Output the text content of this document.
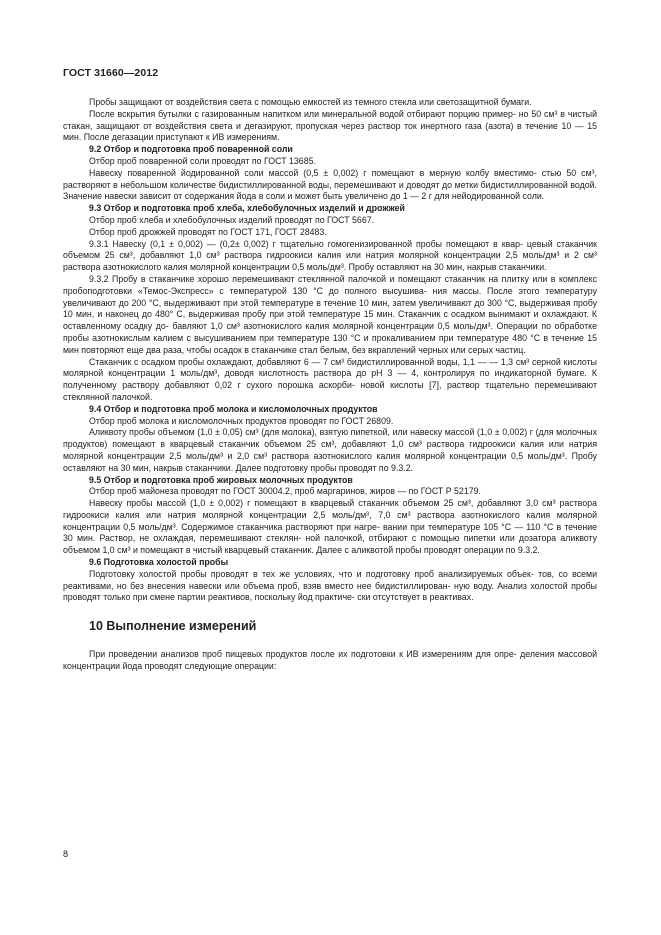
ГОСТ 31660—2012

Пробы защищают от воздействия света с помощью емкостей из темного стекла или светозащитной бумаги.

После вскрытия бутылки с газированным напитком или минеральной водой отбирают порцию пример- но 50 см³ в чистый стакан, защищают от воздействия света и дегазируют, пропуская через раствор ток инертного газа (азота) в течение 10 — 15 мин. После дегазации приступают к ИВ измерениям.

9.2 Отбор и подготовка проб поваренной соли

Отбор проб поваренной соли проводят по ГОСТ 13685.

Навеску поваренной йодированной соли массой (0,5 ± 0,002) г помещают в мерную колбу вместимо- стью 50 см³, растворяют в небольшом количестве бидистиллированной воды, перемешивают и доводят до метки бидистиллированной водой. Значение навески зависит от содержания йода в соли и может быть увеличено до 1 — 2 г для нейодированной соли.

9.3 Отбор и подготовка проб хлеба, хлебобулочных изделий и дрожжей

Отбор проб хлеба и хлебобулочных изделий проводят по ГОСТ 5667.

Отбор проб дрожжей проводят по ГОСТ 171, ГОСТ 28483.

9.3.1 Навеску (0,1 ± 0,002) — (0,2± 0,002) г тщательно гомогенизированной пробы помещают в квар- цевый стаканчик объемом 25 см³, добавляют 1,0 см³ раствора гидроокиси калия или натрия молярной концентрации 2,5 моль/дм³ и 2 см³ раствора азотнокислого калия молярной концентрации 0,5 моль/дм³. Пробу оставляют на 30 мин, накрыв стаканчики.

9.3.2 Пробу в стаканчике хорошо перемешивают стеклянной палочкой и помещают стаканчик на плитку или в комплекс пробоподготовки «Темос-Экспресс» с температурой 130 °С до полного высушива- ния массы. После этого температуру увеличивают до 200 °С, выдерживают при этой температуре в течение 10 мин, затем увеличивают до 300 °С, выдерживая пробу 10 мин, и наконец до 480° С, выдерживая пробу при этой температуре 15 мин. Стаканчик с осадком вынимают и охлаждают. К оставленному осадку до- бавляют 1,0 см³ азотнокислого калия молярной концентрации 0,5 моль/дм³. Операции по обработке пробы азотнокислым калием с высушиванием при температуре 130 °С и прокаливанием при температуре 480 °С в течение 15 мин повторяют еще два раза, чтобы осадок в стаканчике стал белым, без вкраплений черных или серых частиц.

Стаканчик с осадком пробы охлаждают, добавляют 6 — 7 см³ бидистиллированной воды, 1,1 — — 1,3 см³ серной кислоты молярной концентрации 1 моль/дм³, доводя кислотность раствора до рН 3 — 4, контролируя по индикаторной бумаге. К полученному раствору добавляют 0,02 г сухого порошка аскорби- новой кислоты [7], раствор тщательно перемешивают стеклянной палочкой.

9.4 Отбор и подготовка проб молока и кисломолочных продуктов

Отбор проб молока и кисломолочных продуктов проводят по ГОСТ 26809.

Аликвоту пробы объемом (1,0 ± 0,05) см³ (для молока), взятую пипеткой, или навеску массой (1,0 ± 0,002) г (для молочных продуктов) помещают в кварцевый стаканчик объемом 25 см³, добавляют 1,0 см³ раствора гидроокиси калия или натрия молярной концентрации 2,5 моль/дм³ и 2,0 см³ раствора азотнокислого калия молярной концентрации 0,5 моль/дм³. Пробу оставляют на 30 мин, накрыв стаканчики. Далее подготовку пробы проводят по 9.3.2.

9.5 Отбор и подготовка проб жировых молочных продуктов

Отбор проб майонеза проводят по ГОСТ 30004.2, проб маргаринов, жиров — по ГОСТ Р 52179.

Навеску пробы массой (1,0 ± 0,002) г помещают в кварцевый стаканчик объемом 25 см³, добавляют 3,0 см³ раствора гидроокиси калия или натрия молярной концентрации 2,5 моль/дм³, 7,0 см³ раствора азотнокислого калия молярной концентрации 0,5 моль/дм³. Содержимое стаканчика растворяют при нагре- вании при температуре 105 °С — 110 °С в течение 30 мин. Раствор, не охлаждая, перемешивают стеклян- ной палочкой, отбирают с помощью пипетки или дозатора аликвоту объемом 1,0 см³ и помещают в чистый кварцевый стаканчик. Далее с аликвотой пробы проводят операции по 9.3.2.

9.6 Подготовка холостой пробы

Подготовку холостой пробы проводят в тех же условиях, что и подготовку проб анализируемых объек- тов, со всеми реактивами, но без внесения навески или объема проб, взяв вместо нее бидистиллирован- ную воду. Анализ холостой пробы проводят только при смене партии реактивов, поскольку йод практиче- ски отсутствует в реактивах.

10 Выполнение измерений

При проведении анализов проб пищевых продуктов после их подготовки к ИВ измерениям для опре- деления массовой концентрации йода проводят следующие операции:

8
